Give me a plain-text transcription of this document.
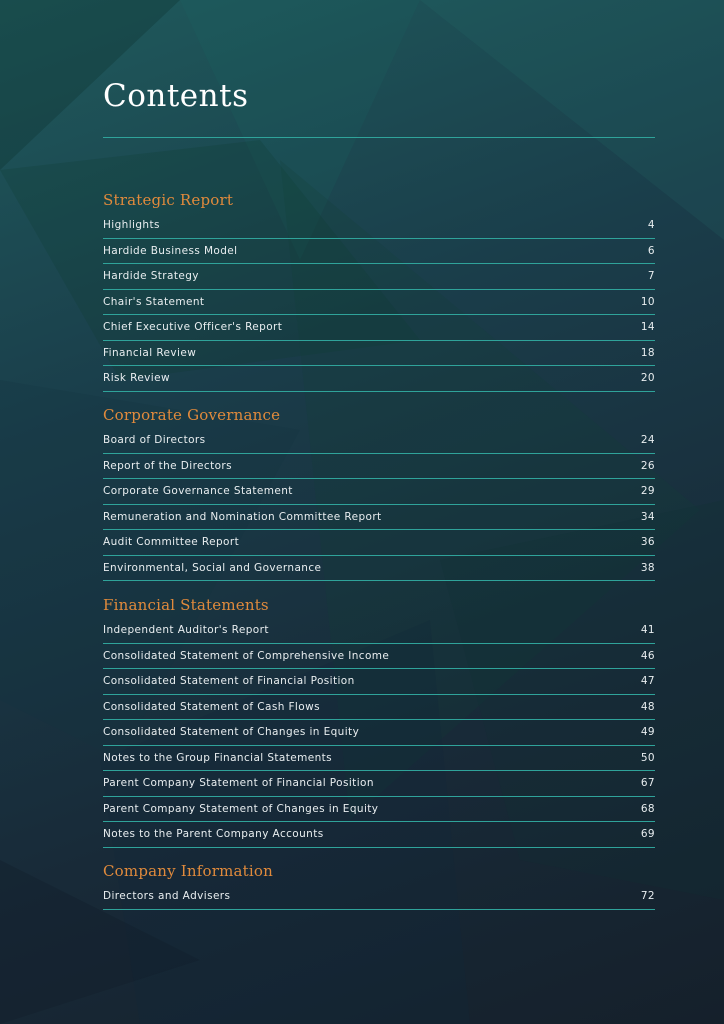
Contents
Strategic Report
Highlights	4
Hardide Business Model	6
Hardide Strategy	7
Chair's Statement	10
Chief Executive Officer's Report	14
Financial Review	18
Risk Review	20
Corporate Governance
Board of Directors	24
Report of the Directors	26
Corporate Governance Statement	29
Remuneration and Nomination Committee Report	34
Audit Committee Report	36
Environmental, Social and Governance	38
Financial Statements
Independent Auditor's Report	41
Consolidated Statement of Comprehensive Income	46
Consolidated Statement of Financial Position	47
Consolidated Statement of Cash Flows	48
Consolidated Statement of Changes in Equity	49
Notes to the Group Financial Statements	50
Parent Company Statement of Financial Position	67
Parent Company Statement of Changes in Equity	68
Notes to the Parent Company Accounts	69
Company Information
Directors and Advisers	72
